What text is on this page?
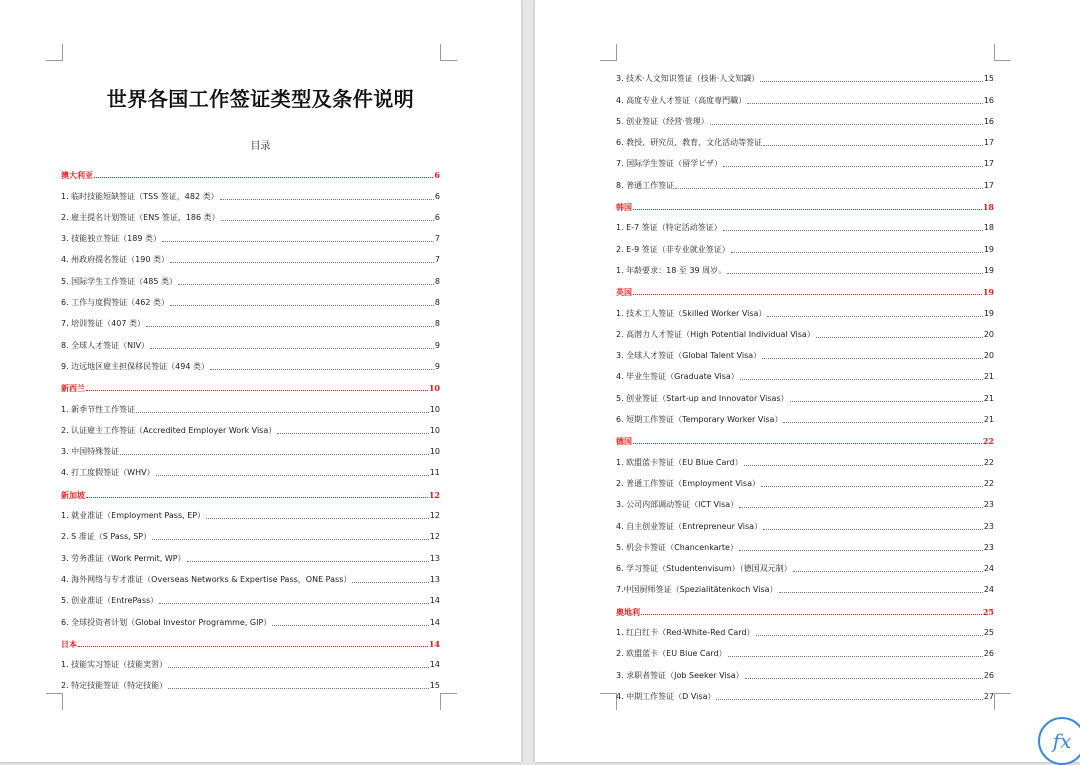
世界各国工作签证类型及条件说明
目录
澳大利亚	6
1. 临时技能短缺签证（TSS 签证，482 类）	6
2. 雇主提名计划签证（ENS 签证，186 类）	6
3. 技能独立签证（189 类）	7
4. 州政府提名签证（190 类）	7
5. 国际学生工作签证（485 类）	8
6. 工作与度假签证（462 类）	8
7. 培训签证（407 类）	8
8. 全球人才签证（NIV）	9
9. 边远地区雇主担保移民签证（494 类）	9
新西兰	10
1. 新季节性工作签证	10
2. 认证雇主工作签证（Accredited Employer Work Visa）	10
3. 中国特殊签证	10
4. 打工度假签证（WHV）	11
新加坡	12
1. 就业准证（Employment Pass, EP）	12
2. S 准证（S Pass, SP）	12
3. 劳务准证（Work Permit, WP）	13
4. 海外网络与专才准证（Overseas Networks & Expertise Pass，ONE Pass）	13
5. 创业准证（EntrePass）	14
6. 全球投资者计划（Global Investor Programme, GIP）	14
日本	14
1. 技能实习签证（技能実習）	14
2. 特定技能签证（特定技能）	15
3. 技术·人文知识签证（技術·人文知識）	15
4. 高度专业人才签证（高度専門職）	16
5. 创业签证（经营·管理）	16
6. 教授、研究员、教育、文化活动等签证	17
7. 国际学生签证（留学ビザ）	17
8. 普通工作签证	17
韩国	18
1. E-7 签证（特定活动签证）	18
2. E-9 签证（非专业就业签证）	19
1. 年龄要求：18 至 39 周岁。	19
英国	19
1. 技术工人签证（Skilled Worker Visa）	19
2. 高潜力人才签证（High Potential Individual Visa）	20
3. 全球人才签证（Global Talent Visa）	20
4. 毕业生签证（Graduate Visa）	21
5. 创业签证（Start-up and Innovator Visas）	21
6. 短期工作签证（Temporary Worker Visa）	21
德国	22
1. 欧盟蓝卡签证（EU Blue Card）	22
2. 普通工作签证（Employment Visa）	22
3. 公司内部调动签证（ICT Visa）	23
4. 自主创业签证（Entrepreneur Visa）	23
5. 机会卡签证（Chancenkarte）	23
6. 学习签证（Studentenvisum）（德国双元制）	24
7.中国厨师签证（Spezialitätenkoch Visa）	24
奥地利	25
1. 红白红卡（Red-White-Red Card）	25
2. 欧盟蓝卡（EU Blue Card）	26
3. 求职者签证（Job Seeker Visa）	26
4. 中期工作签证（D Visa）	27
fx
